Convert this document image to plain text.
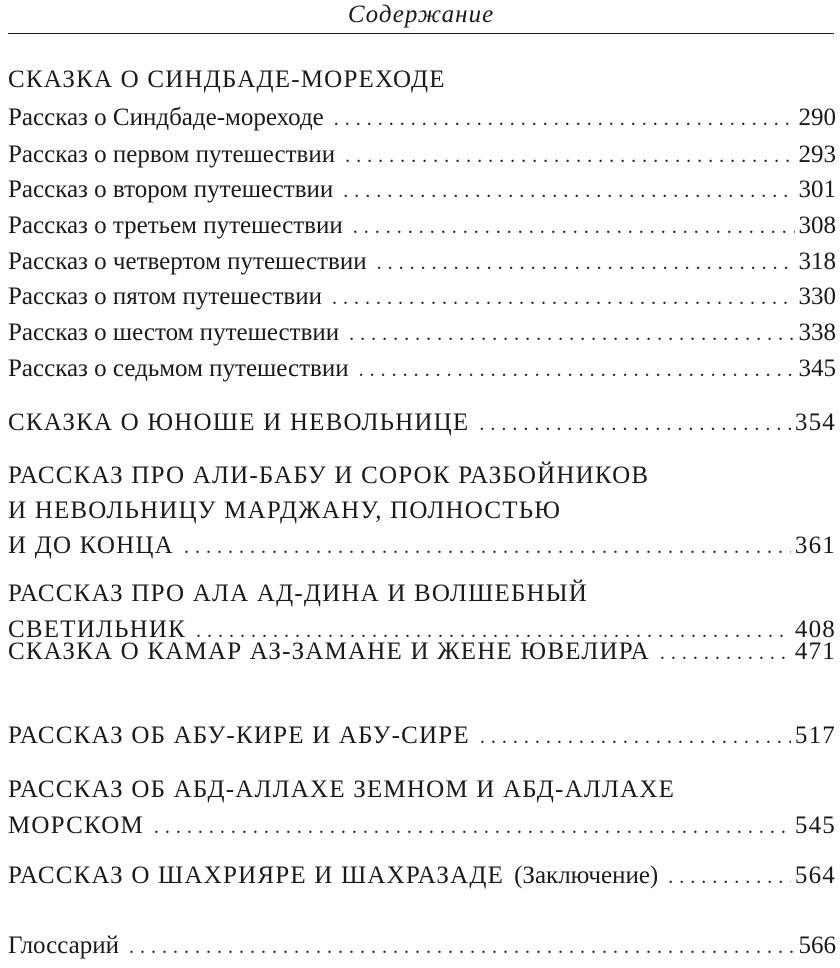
Содержание
СКАЗКА О СИНДБАДЕ-МОРЕХОДЕ
Рассказ о Синдбаде-мореходе . . .	290
Рассказ о первом путешествии . . .	293
Рассказ о втором путешествии . . .	301
Рассказ о третьем путешествии . . .	308
Рассказ о четвертом путешествии . . .	318
Рассказ о пятом путешествии . . .	330
Рассказ о шестом путешествии . . .	338
Рассказ о седьмом путешествии . . .	345
СКАЗКА О ЮНОШЕ И НЕВОЛЬНИЦЕ . . .	354
РАССКАЗ ПРО АЛИ-БАБУ И СОРОК РАЗБОЙНИКОВ
И НЕВОЛЬНИЦУ МАРДЖАНУ, ПОЛНОСТЬЮ
И ДО КОНЦА . . .	361
РАССКАЗ ПРО АЛА АД-ДИНА И ВОЛШЕБНЫЙ
СВЕТИЛЬНИК . . .	408
СКАЗКА О КАМАР АЗ-ЗАМАНЕ И ЖЕНЕ ЮВЕЛИРА . . .	471
РАССКАЗ ОБ АБУ-КИРЕ И АБУ-СИРЕ . . .	517
РАССКАЗ ОБ АБД-АЛЛАХЕ ЗЕМНОМ И АБД-АЛЛАХЕ
МОРСКОМ . . .	545
РАССКАЗ О ШАХРИЯРЕ И ШАХРАЗАДЕ (Заключение) . . .	564
Глоссарий . . .	566
